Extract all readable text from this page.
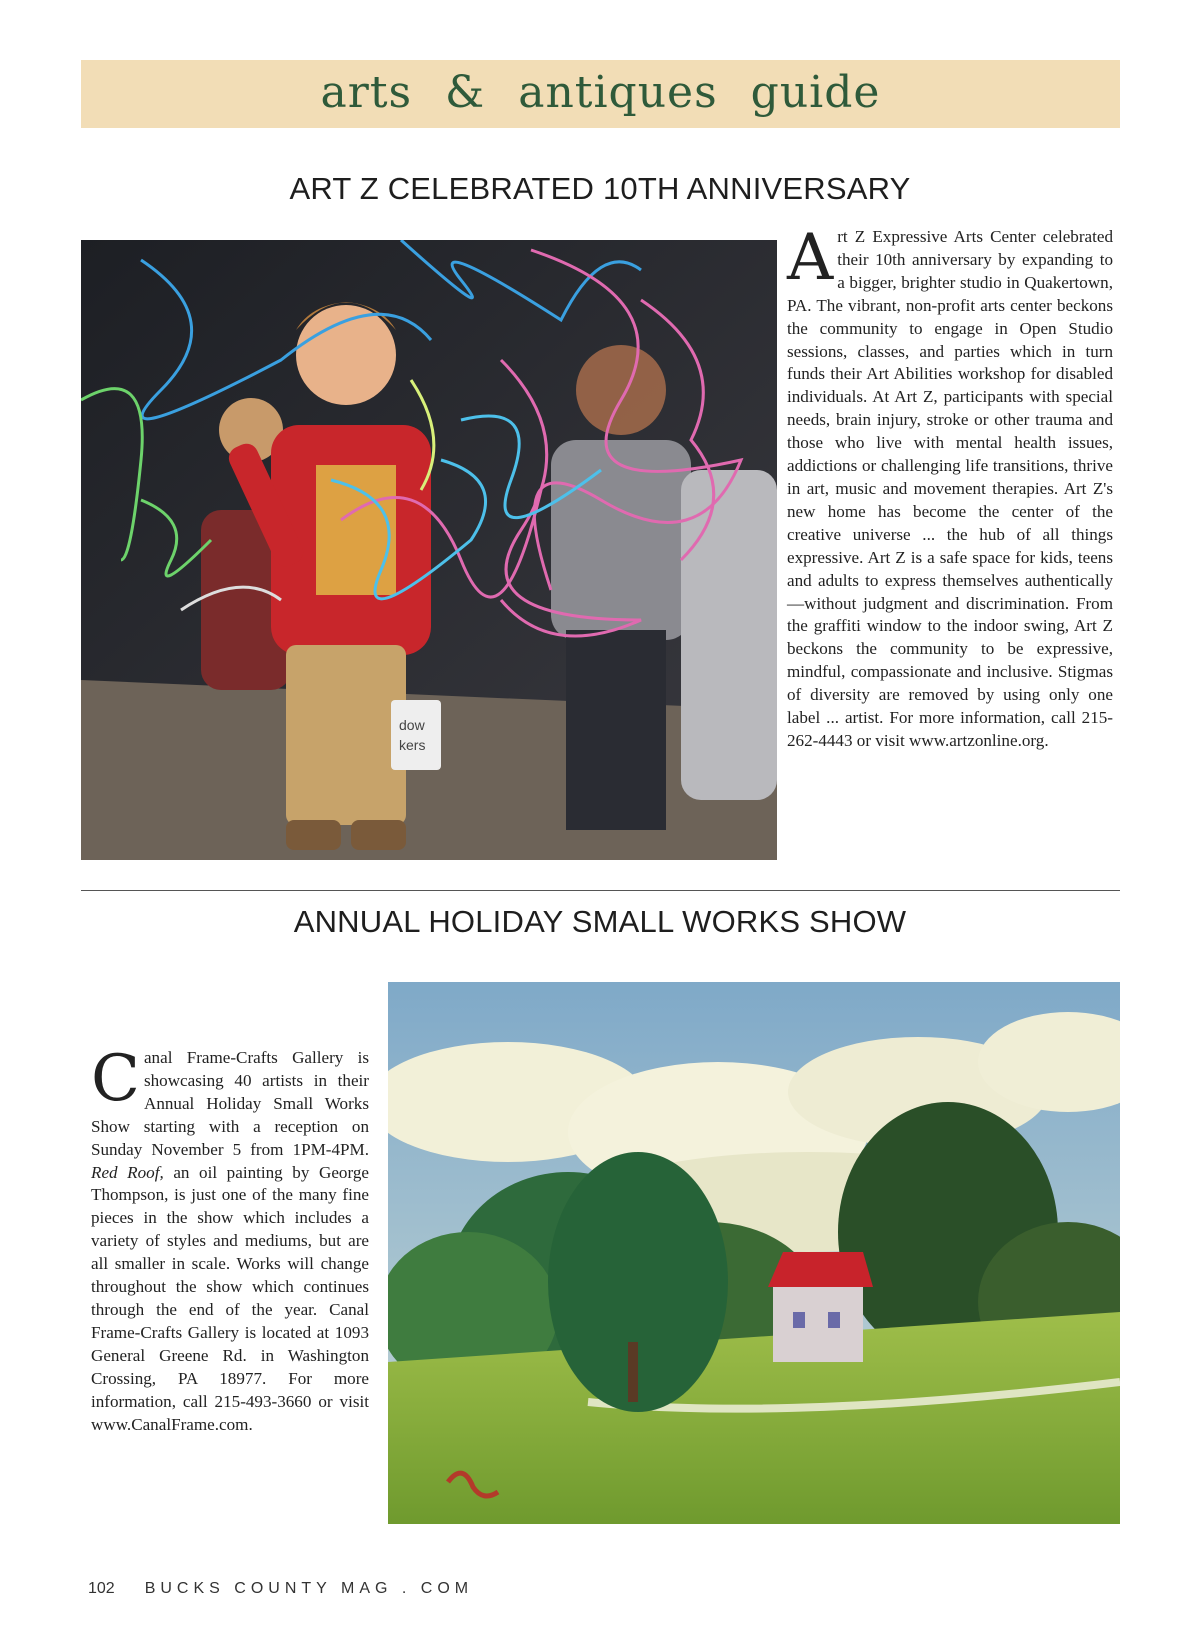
arts & antiques guide
ART Z CELEBRATED 10TH ANNIVERSARY
dow
kers
Art Z Expressive Arts Center celebrated their 10th anniversary by expanding to a bigger, brighter studio in Quakertown, PA. The vibrant, non-profit arts center beckons the community to engage in Open Studio sessions, classes, and parties which in turn funds their Art Abilities workshop for disabled individuals. At Art Z, participants with special needs, brain injury, stroke or other trauma and those who live with mental health issues, addictions or challenging life transitions, thrive in art, music and movement therapies. Art Z's new home has become the center of the creative universe ... the hub of all things expressive. Art Z is a safe space for kids, teens and adults to express themselves authentically —without judgment and discrimination. From the graffiti window to the indoor swing, Art Z beckons the community to be expressive, mindful, compassionate and inclusive. Stigmas of diversity are removed by using only one label ... artist. For more information, call 215-262-4443 or visit www.artzonline.org.
ANNUAL HOLIDAY SMALL WORKS SHOW
Canal Frame-Crafts Gallery is showcasing 40 artists in their Annual Holiday Small Works Show starting with a reception on Sunday November 5 from 1PM-4PM. Red Roof, an oil painting by George Thompson, is just one of the many fine pieces in the show which includes a variety of styles and mediums, but are all smaller in scale. Works will change throughout the show which continues through the end of the year. Canal Frame-Crafts Gallery is located at 1093 General Greene Rd. in Washington Crossing, PA 18977. For more information, call 215-493-3660 or visit www.CanalFrame.com.
102 BUCKS COUNTY MAG . COM
